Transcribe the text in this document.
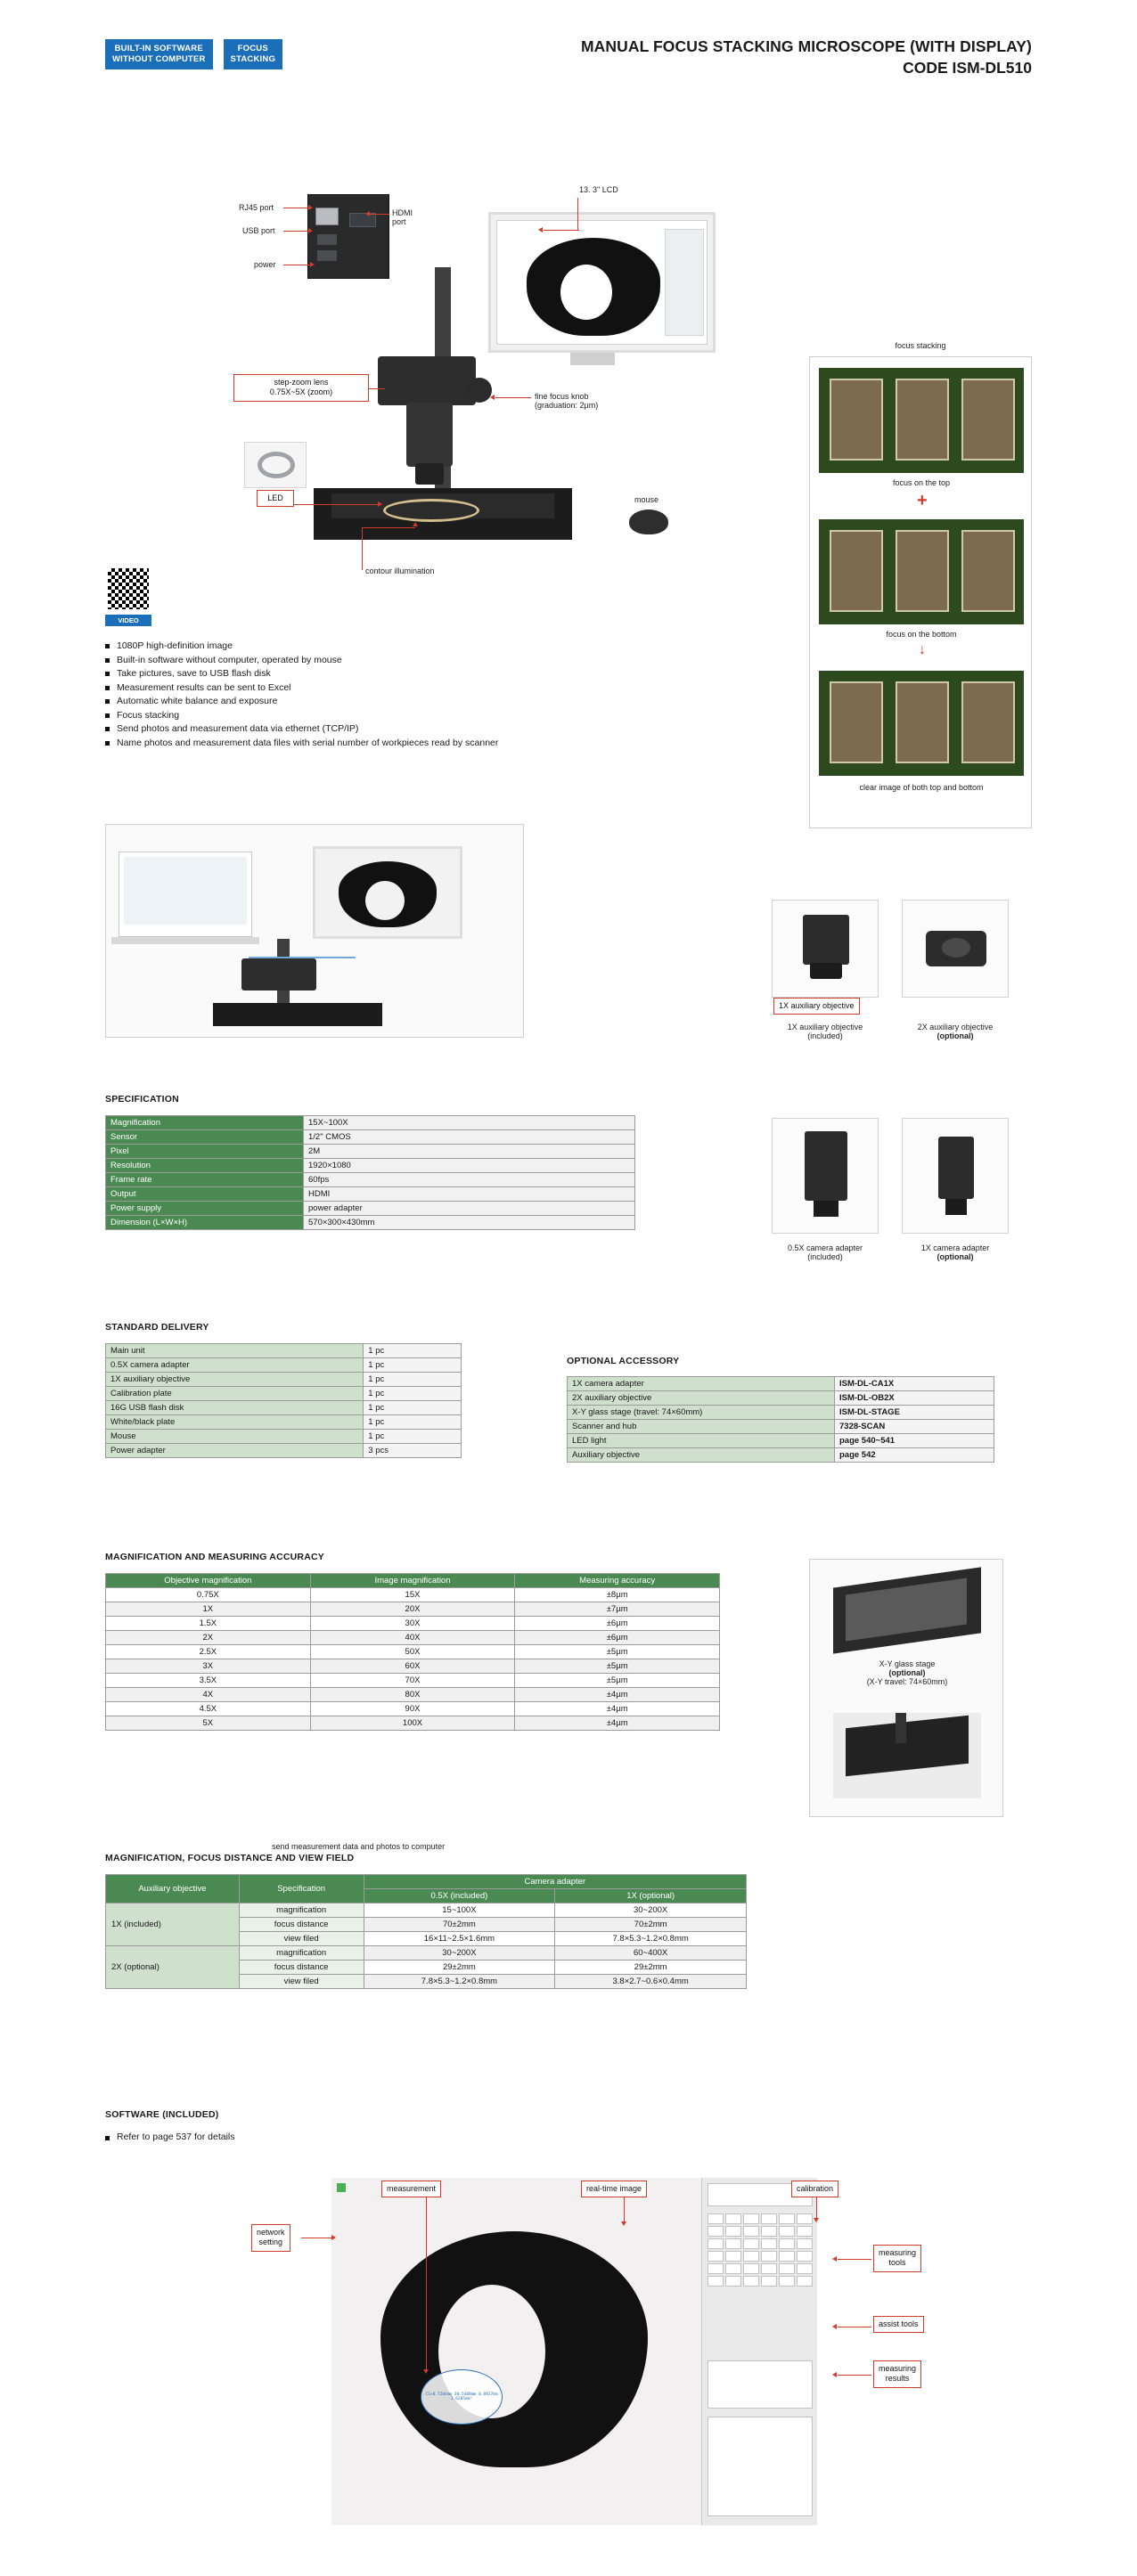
BUILT-IN SOFTWARE
WITHOUT COMPUTER
FOCUS
STACKING
MANUAL FOCUS STACKING MICROSCOPE (WITH DISPLAY)
CODE ISM-DL510
RJ45 port
USB port
power
HDMI
port
13. 3" LCD
fine focus knob
(graduation: 2µm)
step-zoom lens
0.75X~5X (zoom)
LED
contour illumination
mouse
VIDEO
1080P high-definition image
Built-in software without computer, operated by mouse
Take pictures, save to USB flash disk
Measurement results can be sent to Excel
Automatic white balance and exposure
Focus stacking
Send photos and measurement data via ethernet (TCP/IP)
Name photos and measurement data files with serial number of workpieces read by scanner
computer is optional
send measurement data and photos to computer
focus stacking
focus on the top
+
focus on the bottom
↓
clear image of both top and bottom
1X auxiliary objective
1X auxiliary objective
(included)
2X auxiliary objective
(optional)
0.5X camera adapter
(included)
1X camera adapter
(optional)
SPECIFICATION
Magnification	15X~100X
Sensor	1/2" CMOS
Pixel	2M
Resolution	1920×1080
Frame rate	60fps
Output	HDMI
Power supply	power adapter
Dimension (L×W×H)	570×300×430mm
STANDARD DELIVERY
Main unit	1 pc
0.5X camera adapter	1 pc
1X auxiliary objective	1 pc
Calibration plate	1 pc
16G USB flash disk	1 pc
White/black plate	1 pc
Mouse	1 pc
Power adapter	3 pcs
OPTIONAL ACCESSORY
1X camera adapter	ISM-DL-CA1X
2X auxiliary objective	ISM-DL-OB2X
X-Y glass stage (travel: 74×60mm)	ISM-DL-STAGE
Scanner and hub	7328-SCAN
LED light	page 540~541
Auxiliary objective	page 542
MAGNIFICATION AND MEASURING ACCURACY
Objective magnification	Image magnification	Measuring accuracy
0.75X	15X	±8µm
1X	20X	±7µm
1.5X	30X	±6µm
2X	40X	±6µm
2.5X	50X	±5µm
3X	60X	±5µm
3.5X	70X	±5µm
4X	80X	±4µm
4.5X	90X	±4µm
5X	100X	±4µm
X-Y glass stage
(optional)
(X-Y travel: 74×60mm)
MAGNIFICATION, FOCUS DISTANCE AND VIEW FIELD
Auxiliary objective	Specification	Camera adapter	
		0.5X (included)	1X (optional)
1X (included)	magnification	15~100X	30~200X
	focus distance	70±2mm	70±2mm
	view filed	16×11~2.5×1.6mm	7.8×5.3~1.2×0.8mm
2X (optional)	magnification	30~200X	60~400X
	focus distance	29±2mm	29±2mm
	view filed	7.8×5.3~1.2×0.8mm	3.8×2.7~0.6×0.4mm
SOFTWARE (INCLUDED)
Refer to page 537 for details
C1×0.7204mm 30.5488mm 0.8927mm 3.6285mm²
network
setting
measurement	real-time image	calibration
measuring
tools
assist tools
measuring
results
